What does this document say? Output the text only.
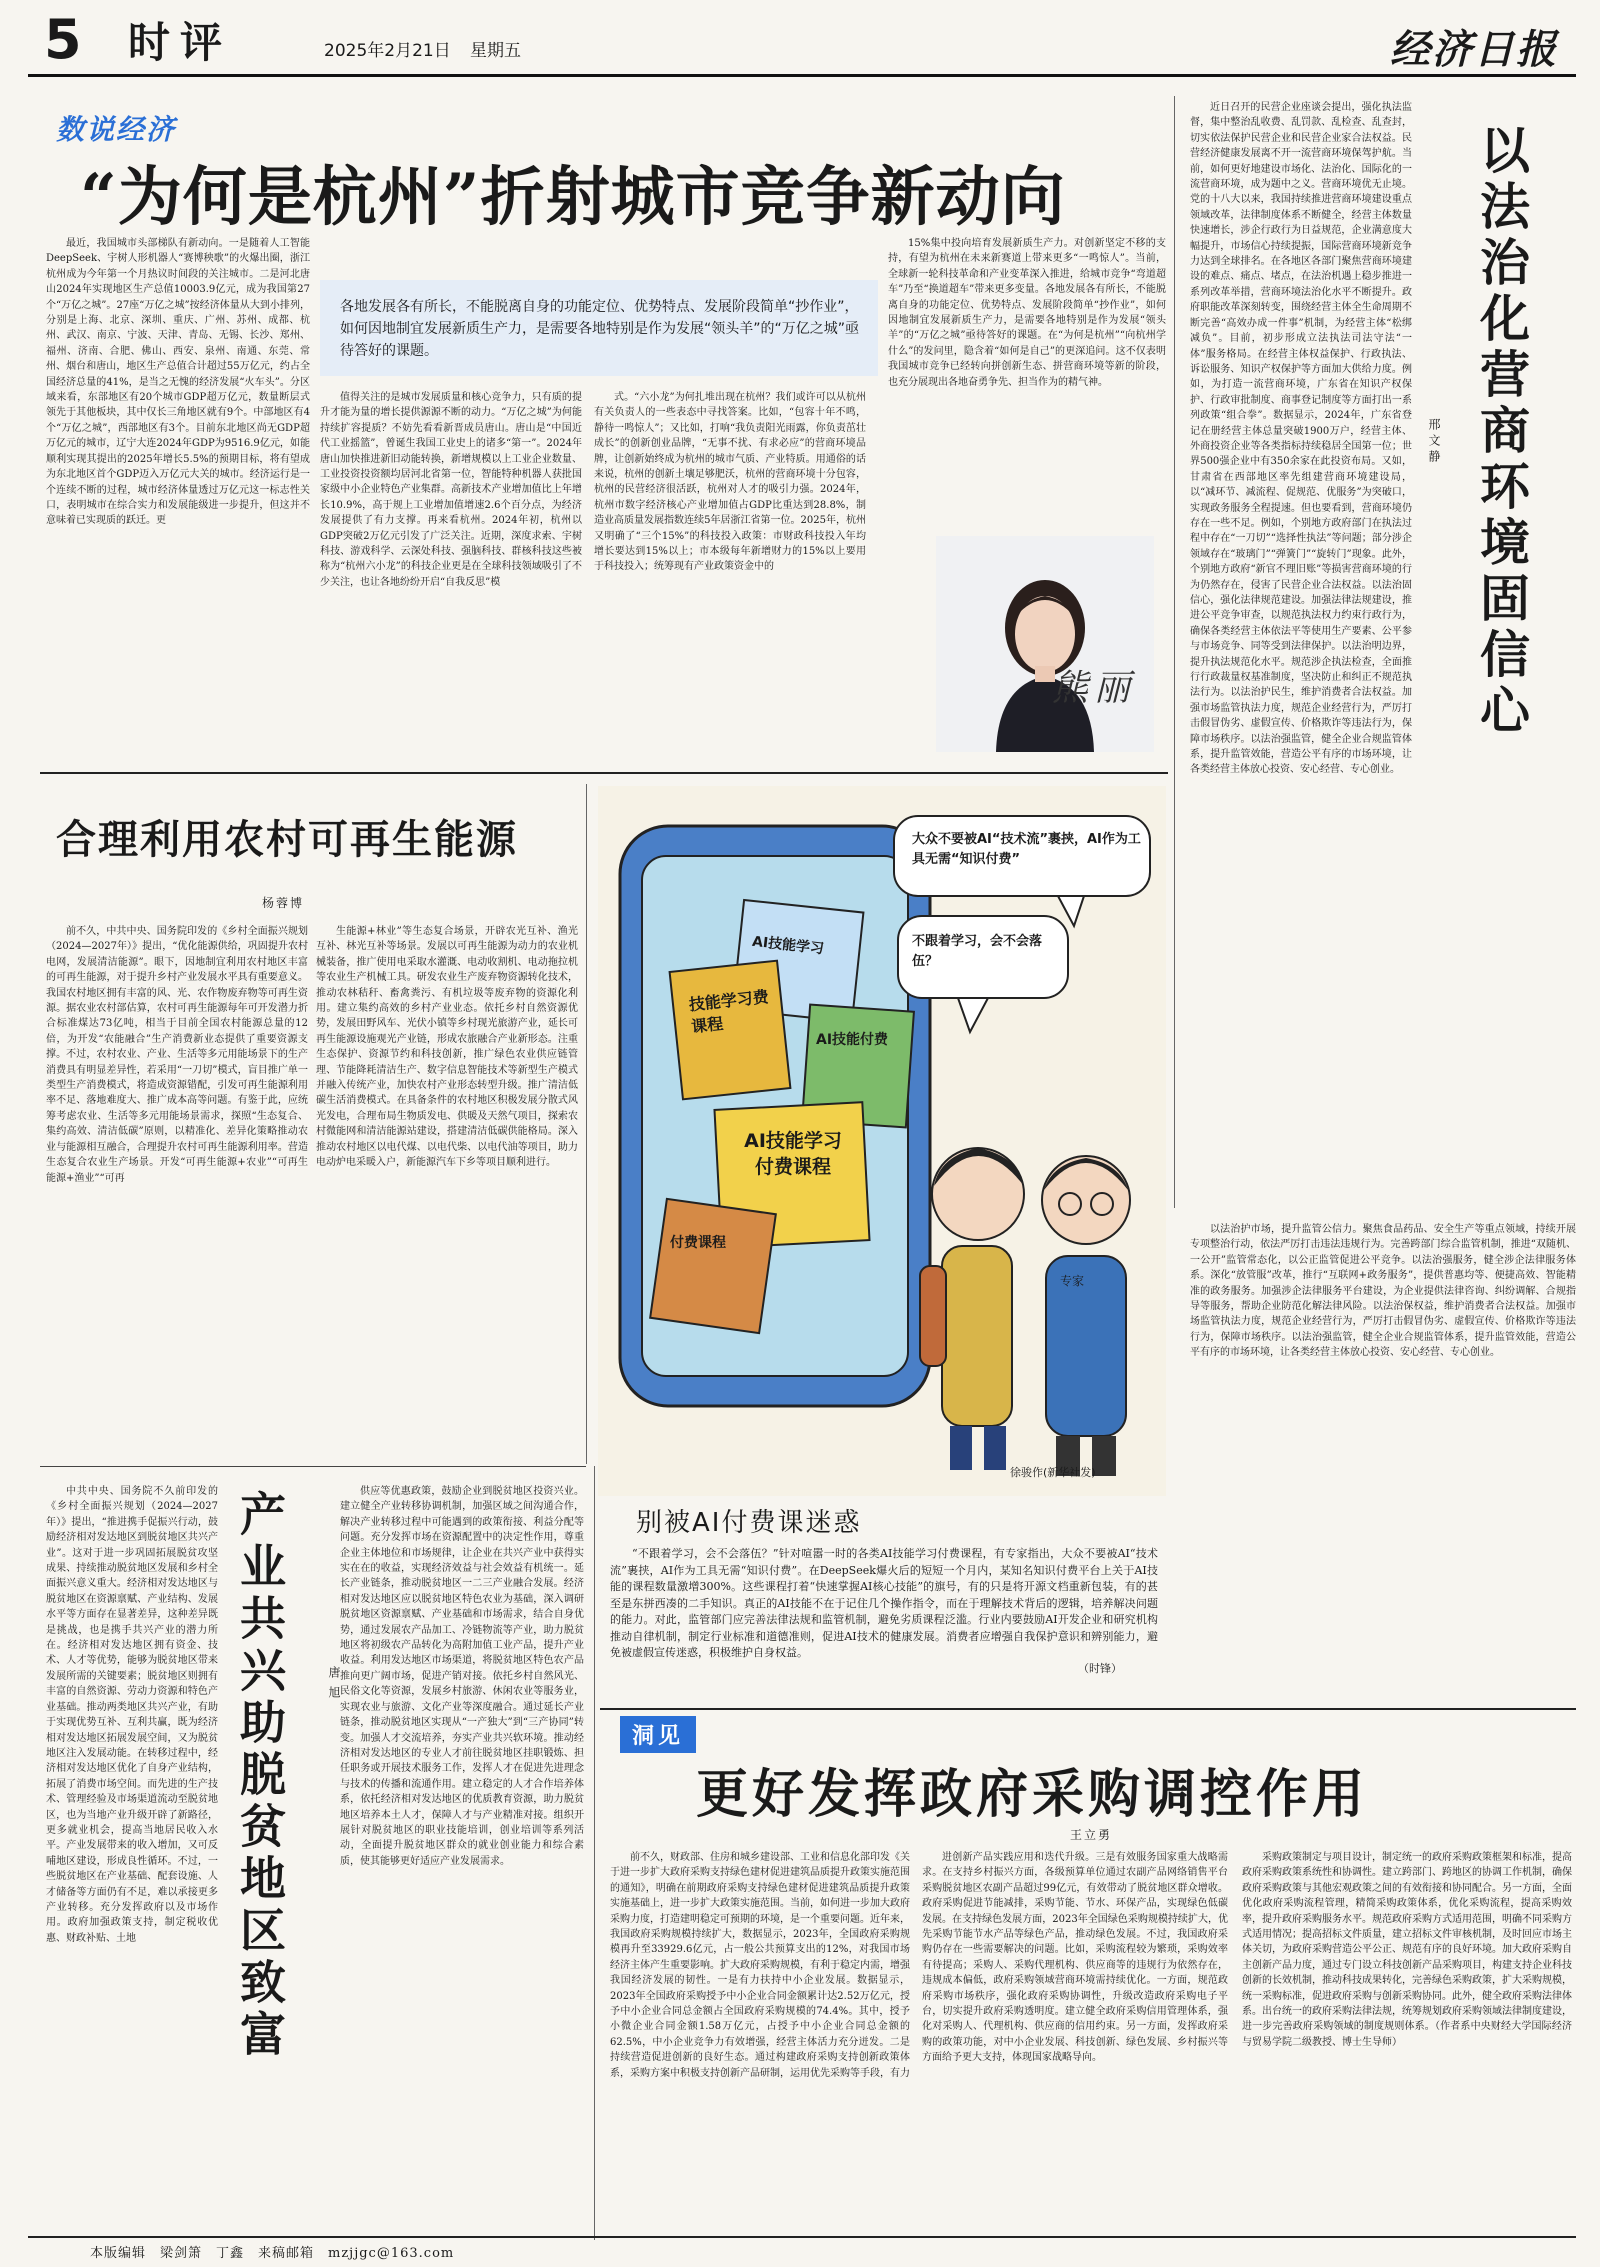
5 时评	2025年2月21日 星期五	经济日报
数说经济
“为何是杭州”折射城市竞争新动向
各地发展各有所长，不能脱离自身的功能定位、优势特点、发展阶段简单“抄作业”，如何因地制宜发展新质生产力，是需要各地特别是作为发展“领头羊”的“万亿之城”亟待答好的课题。

最近，我国城市头部梯队有新动向。一是随着人工智能DeepSeek、宇树人形机器人“赛博秧歌”的火爆出圈，浙江杭州成为今年第一个月热议时间段的关注城市。二是河北唐山2024年实现地区生产总值10003.9亿元，成为我国第27个“万亿之城”。27座“万亿之城”按经济体量从大到小排列，分别是上海、北京、深圳、重庆、广州、苏州、成都、杭州、武汉、南京、宁波、天津、青岛、无锡、长沙、郑州、福州、济南、合肥、佛山、西安、泉州、南通、东莞、常州、烟台和唐山，地区生产总值合计超过55万亿元，约占全国经济总量的41%，是当之无愧的经济发展“火车头”。分区域来看，东部地区有20个城市GDP超万亿元，数量断层式领先于其他板块，其中仅长三角地区就有9个。中部地区有4个“万亿之城”，西部地区有3个。目前东北地区尚无GDP超万亿元的城市，辽宁大连2024年GDP为9516.9亿元，如能顺利实现其提出的2025年增长5.5%的预期目标，将有望成为东北地区首个GDP迈入万亿元大关的城市。经济运行是一个连续不断的过程，城市经济体量透过万亿元这一标志性关口，表明城市在综合实力和发展能级进一步提升，但这并不意味着已实现质的跃迁。更

值得关注的是城市发展质量和核心竞争力，只有质的提升才能为量的增长提供源源不断的动力。“万亿之城”为何能持续扩容提质？不妨先看看新晋成员唐山。唐山是“中国近代工业摇篮”，曾诞生我国工业史上的诸多“第一”。2024年唐山加快推进新旧动能转换，新增规模以上工业企业数量、工业投资投资额均居河北省第一位，智能特种机器人获批国家级中小企业特色产业集群。高新技术产业增加值比上年增长10.9%，高于规上工业增加值增速2.6个百分点，为经济发展提供了有力支撑。再来看杭州。2024年初，杭州以GDP突破2万亿元引发了广泛关注。近期，深度求索、宇树科技、游戏科学、云深处科技、强脑科技、群核科技这些被称为“杭州六小龙”的科技企业更是在全球科技领域吸引了不少关注，也让各地纷纷开启“自我反思”模

式。“六小龙”为何扎堆出现在杭州？我们或许可以从杭州有关负责人的一些表态中寻找答案。比如，“包容十年不鸣，静待一鸣惊人”；又比如，打响“我负责阳光雨露，你负责茁壮成长”的创新创业品牌，“无事不扰、有求必应”的营商环境品牌，让创新始终成为杭州的城市气质、产业特质。用通俗的话来说，杭州的创新土壤足够肥沃，杭州的营商环境十分包容，杭州的民营经济很活跃，杭州对人才的吸引力强。2024年，杭州市数字经济核心产业增加值占GDP比重达到28.8%，制造业高质量发展指数连续5年居浙江省第一位。2025年，杭州又明确了“三个15%”的科技投入政策：市财政科技投入年均增长要达到15%以上；市本级每年新增财力的15%以上要用于科技投入；统筹现有产业政策资金中的

15%集中投向培育发展新质生产力。对创新坚定不移的支持，有望为杭州在未来新赛道上带来更多“一鸣惊人”。当前，全球新一轮科技革命和产业变革深入推进，给城市竞争“弯道超车”乃至“换道超车”带来更多变量。各地发展各有所长，不能脱离自身的功能定位、优势特点、发展阶段简单“抄作业”，如何因地制宜发展新质生产力，是需要各地特别是作为发展“领头羊”的“万亿之城”亟待答好的课题。在“为何是杭州”“向杭州学什么”的发问里，隐含着“如何是自己”的更深追问。这不仅表明我国城市竞争已经转向拼创新生态、拼营商环境等新的阶段，也充分展现出各地奋勇争先、担当作为的精气神。

熊丽

近日召开的民营企业座谈会提出，强化执法监督，集中整治乱收费、乱罚款、乱检查、乱查封，切实依法保护民营企业和民营企业家合法权益。民营经济健康发展离不开一流营商环境保驾护航。当前，如何更好地建设市场化、法治化、国际化的一流营商环境，成为题中之义。营商环境优无止境。党的十八大以来，我国持续推进营商环境建设重点领域改革，法律制度体系不断健全，经营主体数量快速增长，涉企行政行为日益规范，企业满意度大幅提升，市场信心持续提振，国际营商环境新竞争力达到全球排名。在各地区各部门聚焦营商环境建设的难点、痛点、堵点，在法治机遇上稳步推进一系列改革举措，营商环境法治化水平不断提升。政府职能改革深刻转变，围绕经营主体全生命周期不断完善“高效办成一件事”机制，为经营主体“松绑减负”。目前，初步形成立法执法司法守法“一体”服务格局。在经营主体权益保护、行政执法、诉讼服务、知识产权保护等方面加大供给力度。例如，为打造一流营商环境，广东省在知识产权保护、行政审批制度、商事登记制度等方面打出一系列政策“组合拳”。数据显示，2024年，广东省登记在册经营主体总量突破1900万户，经营主体、外商投资企业等各类指标持续稳居全国第一位；世界500强企业中有350余家在此投资布局。又如，甘肃省在西部地区率先组建营商环境建设局，以“减环节、减流程、促规范、优服务”为突破口，实现政务服务全程提速。但也要看到，营商环境仍存在一些不足。例如，个别地方政府部门在执法过程中存在“一刀切”“选择性执法”等问题；部分涉企领域存在“玻璃门”“弹簧门”“旋转门”现象。此外，个别地方政府“新官不理旧账”等损害营商环境的行为仍然存在，侵害了民营企业合法权益。以法治固信心，强化法律规范建设。加强法律法规建设，推进公平竞争审查，以规范执法权力约束行政行为，确保各类经营主体依法平等使用生产要素、公平参与市场竞争、同等受到法律保护。以法治明边界，提升执法规范化水平。规范涉企执法检查，全面推行行政裁量权基准制度，坚决防止和纠正不规范执法行为。以法治护民生，维护消费者合法权益。加强市场监管执法力度，规范企业经营行为，严厉打击假冒伪劣、虚假宣传、价格欺诈等违法行为，保障市场秩序。以法治强监管，健全企业合规监管体系，提升监管效能，营造公平有序的市场环境，让各类经营主体放心投资、安心经营、专心创业。

以法治化营商环境固信心
邢文静

以法治护市场，提升监管公信力。聚焦食品药品、安全生产等重点领域，持续开展专项整治行动，依法严厉打击违法违规行为。完善跨部门综合监管机制，推进“双随机、一公开”监管常态化，以公正监管促进公平竞争。以法治强服务，健全涉企法律服务体系。深化“放管服”改革，推行“互联网+政务服务”，提供普惠均等、便捷高效、智能精准的政务服务。加强涉企法律服务平台建设，为企业提供法律咨询、纠纷调解、合规指导等服务，帮助企业防范化解法律风险。以法治保权益，维护消费者合法权益。加强市场监管执法力度，规范企业经营行为，严厉打击假冒伪劣、虚假宣传、价格欺诈等违法行为，保障市场秩序。以法治强监管，健全企业合规监管体系，提升监管效能，营造公平有序的市场环境，让各类经营主体放心投资、安心经营、专心创业。

合理利用农村可再生能源
杨蓉博

前不久，中共中央、国务院印发的《乡村全面振兴规划（2024—2027年）》提出，“优化能源供给，巩固提升农村电网，发展清洁能源”。眼下，因地制宜利用农村地区丰富的可再生能源，对于提升乡村产业发展水平具有重要意义。我国农村地区拥有丰富的风、光、农作物废弃物等可再生资源。据农业农村部估算，农村可再生能源每年可开发潜力折合标准煤达73亿吨，相当于目前全国农村能源总量的12倍，为开发“农能融合”生产消费新业态提供了重要资源支撑。不过，农村农业、产业、生活等多元用能场景下的生产消费具有明显差异性，若采用“一刀切”模式，盲目推广单一类型生产消费模式，将造成资源错配，引发可再生能源利用率不足、落地难度大、推广成本高等问题。有鉴于此，应统筹考虑农业、生活等多元用能场景需求，探照“生态复合、集约高效、清洁低碳”原则，以精准化、差异化策略推动农业与能源相互融合，合理提升农村可再生能源利用率。营造生态复合农业生产场景。开发“可再生能源+农业”“可再生能源+渔业”“可再

生能源+林业”等生态复合场景，开辟农光互补、渔光互补、林光互补等场景。发展以可再生能源为动力的农业机械装备，推广使用电采取水灌溉、电动收割机、电动拖拉机等农业生产机械工具。研发农业生产废弃物资源转化技术，推动农林秸秆、畜禽粪污、有机垃圾等废弃物的资源化利用。建立集约高效的乡村产业业态。依托乡村自然资源优势，发展田野风车、光伏小镇等乡村现光旅游产业，延长可再生能源设施观光产业链，形成农旅融合产业新形态。注重生态保护、资源节约和科技创新，推广绿色农业供应链管理、节能降耗清洁生产、数字信息智能技术等新型生产模式并融入传统产业，加快农村产业形态转型升级。推广清洁低碳生活消费模式。在具备条件的农村地区积极发展分散式风光发电，合理布局生物质发电、供暖及天然气项目，探索农村微能网和清洁能源站建设，搭建清洁低碳供能格局。深入推动农村地区以电代煤、以电代柴、以电代油等项目，助力电动炉电采暖入户，新能源汽车下乡等项目顺利进行。

大众不要被AI“技术流”裹挟，AI作为工具无需“知识付费”
不跟着学习，会不会落伍？
AI技能学习
技能学习费课程
AI技能付费
AI技能学习付费课程
付费课程
专家
徐骏作(新华社发)
别被AI付费课迷惑

“不跟着学习，会不会落伍？”针对喧嚣一时的各类AI技能学习付费课程，有专家指出，大众不要被AI“技术流”裹挟，AI作为工具无需“知识付费”。在DeepSeek爆火后的短短一个月内，某知名知识付费平台上关于AI技能的课程数量激增300%。这些课程打着“快速掌握AI核心技能”的旗号，有的只是将开源文档重新包装，有的甚至是东拼西凑的二手知识。真正的AI技能不在于记住几个操作指令，而在于理解技术背后的逻辑，培养解决问题的能力。对此，监管部门应完善法律法规和监管机制，避免劣质课程泛滥。行业内要鼓励AI开发企业和研究机构推动自律机制，制定行业标准和道德准则，促进AI技术的健康发展。消费者应增强自我保护意识和辨别能力，避免被虚假宣传迷惑，积极维护自身权益。

（时锋）

中共中央、国务院不久前印发的《乡村全面振兴规划（2024—2027年）》提出，“推进携手促振兴行动，鼓励经济相对发达地区到脱贫地区共兴产业”。这对于进一步巩固拓展脱贫攻坚成果、持续推动脱贫地区发展和乡村全面振兴意义重大。经济相对发达地区与脱贫地区在资源禀赋、产业结构、发展水平等方面存在显著差异，这种差异既是挑战，也是携手共兴产业的潜力所在。经济相对发达地区拥有资金、技术、人才等优势，能够为脱贫地区带来发展所需的关键要素；脱贫地区则拥有丰富的自然资源、劳动力资源和特色产业基础。推动两类地区共兴产业，有助于实现优势互补、互利共赢，既为经济相对发达地区拓展发展空间，又为脱贫地区注入发展动能。在转移过程中，经济相对发达地区优化了自身产业结构，拓展了消费市场空间。而先进的生产技术、管理经验及市场渠道流动至脱贫地区，也为当地产业升级开辟了新路径，更多就业机会，提高当地居民收入水平。产业发展带来的收入增加，又可反哺地区建设，形成良性循环。不过，一些脱贫地区在产业基础、配套设施、人才储备等方面仍有不足，难以承接更多产业转移。充分发挥政府以及市场作用。政府加强政策支持，制定税收优惠、财政补贴、土地	产业共兴助脱贫地区致富	唐旭

供应等优惠政策，鼓励企业到脱贫地区投资兴业。建立健全产业转移协调机制，加强区域之间沟通合作，解决产业转移过程中可能遇到的政策衔接、利益分配等问题。充分发挥市场在资源配置中的决定性作用，尊重企业主体地位和市场规律，让企业在共兴产业中获得实实在在的收益，实现经济效益与社会效益有机统一。延长产业链条，推动脱贫地区一二三产业融合发展。经济相对发达地区应以脱贫地区特色农业为基础，深入调研脱贫地区资源禀赋、产业基础和市场需求，结合自身优势，通过发展农产品加工、冷链物流等产业，助力脱贫地区将初级农产品转化为高附加值工业产品，提升产业收益。利用发达地区市场渠道，将脱贫地区特色农产品推向更广阔市场，促进产销对接。依托乡村自然风光、民俗文化等资源，发展乡村旅游、休闲农业等服务业，实现农业与旅游、文化产业等深度融合。通过延长产业链条，推动脱贫地区实现从“一产独大”到“三产协同”转变。加强人才交流培养，夯实产业共兴软环境。推动经济相对发达地区的专业人才前往脱贫地区挂职锻炼、担任职务或开展技术服务工作，发挥人才在促进先进理念与技术的传播和流通作用。建立稳定的人才合作培养体系，依托经济相对发达地区的优质教育资源，助力脱贫地区培养本土人才，保障人才与产业精准对接。组织开展针对脱贫地区的职业技能培训，创业培训等系列活动，全面提升脱贫地区群众的就业创业能力和综合素质，使其能够更好适应产业发展需求。

洞见
更好发挥政府采购调控作用
王立勇

前不久，财政部、住房和城乡建设部、工业和信息化部印发《关于进一步扩大政府采购支持绿色建材促进建筑品质提升政策实施范围的通知》，明确在前期政府采购支持绿色建材促进建筑品质提升政策实施基础上，进一步扩大政策实施范围。当前，如何进一步加大政府采购力度，打造建明稳定可预期的环境，是一个重要问题。近年来，我国政府采购规模持续扩大，数据显示，2023年，全国政府采购规模再升至33929.6亿元，占一般公共预算支出的12%，对我国市场经济主体产生重要影响。扩大政府采购规模，有利于稳定内需，增强我国经济发展的韧性。一是有力扶持中小企业发展。数据显示，2023年全国政府采购授予中小企业合同金额累计达2.52万亿元，授予中小企业合同总金额占全国政府采购规模的74.4%。其中，授予小微企业合同金额1.58万亿元，占授予中小企业合同总金额的62.5%，中小企业竞争力有效增强，经营主体活力充分迸发。二是持续营造促进创新的良好生态。通过构建政府采购支持创新政策体系，采购方案中积极支持创新产品研制，运用优先采购等手段，有力

进创新产品实践应用和迭代升级。三是有效服务国家重大战略需求。在支持乡村振兴方面，各级预算单位通过农副产品网络销售平台采购脱贫地区农副产品超过99亿元，有效带动了脱贫地区群众增收。政府采购促进节能减排，采购节能、节水、环保产品，实现绿色低碳发展。在支持绿色发展方面，2023年全国绿色采购规模持续扩大，优先采购节能节水产品等绿色产品，推动绿色发展。不过，我国政府采购仍存在一些需要解决的问题。比如，采购流程较为繁琐，采购效率有待提高；采购人、采购代理机构、供应商等的违规行为依然存在，违规成本偏低，政府采购领域营商环境需持续优化。一方面，规范政府采购市场秩序，强化政府采购协调性，升级改造政府采购电子平台，切实提升政府采购透明度。建立健全政府采购信用管理体系，强化对采购人、代理机构、供应商的信用约束。另一方面，发挥政府采购的政策功能，对中小企业发展、科技创新、绿色发展、乡村振兴等方面给予更大支持，体现国家战略导向。

采购政策制定与项目设计，制定统一的政府采购政策框架和标准，提高政府采购政策系统性和协调性。建立跨部门、跨地区的协调工作机制，确保政府采购政策与其他宏观政策之间的有效衔接和协同配合。另一方面，全面优化政府采购流程管理，精简采购政策体系，优化采购流程，提高采购效率，提升政府采购服务水平。规范政府采购方式适用范围，明确不同采购方式适用情况；提高招标文件质量，建立招标文件审核机制，及时回应市场主体关切，为政府采购营造公平公正、规范有序的良好环境。加大政府采购自主创新产品力度，通过专门设立科技创新产品采购项目，构建支持企业科技创新的长效机制，推动科技成果转化，完善绿色采购政策，扩大采购规模，统一采购标准，促进政府采购与创新采购协同。此外，健全政府采购法律体系。出台统一的政府采购法律法规，统筹规划政府采购领域法律制度建设，进一步完善政府采购领域的制度规则体系。（作者系中央财经大学国际经济与贸易学院二级教授、博士生导师）

本版编辑　梁剑箫　丁鑫　来稿邮箱　mzjjgc@163.com
